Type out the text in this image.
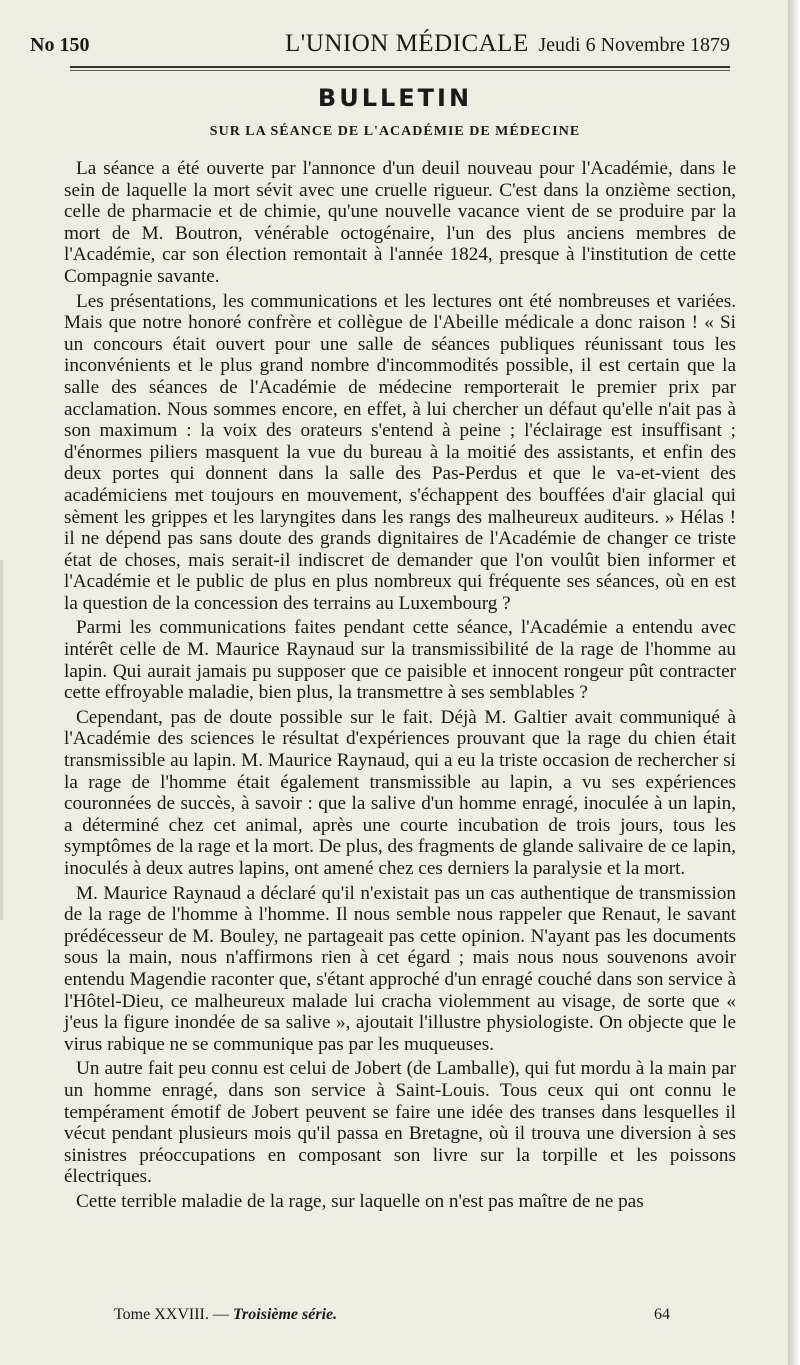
No 150	L'UNION MÉDICALE Jeudi 6 Novembre 1879
BULLETIN
SUR LA SÉANCE DE L'ACADÉMIE DE MÉDECINE

La séance a été ouverte par l'annonce d'un deuil nouveau pour l'Académie, dans le sein de laquelle la mort sévit avec une cruelle rigueur. C'est dans la onzième section, celle de pharmacie et de chimie, qu'une nouvelle vacance vient de se produire par la mort de M. Boutron, vénérable octogénaire, l'un des plus anciens membres de l'Académie, car son élection remontait à l'année 1824, presque à l'institution de cette Compagnie savante.

Les présentations, les communications et les lectures ont été nombreuses et variées. Mais que notre honoré confrère et collègue de l'Abeille médicale a donc raison ! « Si un concours était ouvert pour une salle de séances publiques réunissant tous les inconvénients et le plus grand nombre d'incommodités possible, il est certain que la salle des séances de l'Académie de médecine remporterait le premier prix par acclamation. Nous sommes encore, en effet, à lui chercher un défaut qu'elle n'ait pas à son maximum : la voix des orateurs s'entend à peine ; l'éclairage est insuffisant ; d'énormes piliers masquent la vue du bureau à la moitié des assistants, et enfin des deux portes qui donnent dans la salle des Pas-Perdus et que le va-et-vient des académiciens met toujours en mouvement, s'échappent des bouffées d'air glacial qui sèment les grippes et les laryngites dans les rangs des malheureux auditeurs. » Hélas ! il ne dépend pas sans doute des grands dignitaires de l'Académie de changer ce triste état de choses, mais serait-il indiscret de demander que l'on voulût bien informer et l'Académie et le public de plus en plus nombreux qui fréquente ses séances, où en est la question de la concession des terrains au Luxembourg ?

Parmi les communications faites pendant cette séance, l'Académie a entendu avec intérêt celle de M. Maurice Raynaud sur la transmissibilité de la rage de l'homme au lapin. Qui aurait jamais pu supposer que ce paisible et innocent rongeur pût contracter cette effroyable maladie, bien plus, la transmettre à ses semblables ?

Cependant, pas de doute possible sur le fait. Déjà M. Galtier avait communiqué à l'Académie des sciences le résultat d'expériences prouvant que la rage du chien était transmissible au lapin. M. Maurice Raynaud, qui a eu la triste occasion de rechercher si la rage de l'homme était également transmissible au lapin, a vu ses expériences couronnées de succès, à savoir : que la salive d'un homme enragé, inoculée à un lapin, a déterminé chez cet animal, après une courte incubation de trois jours, tous les symptômes de la rage et la mort. De plus, des fragments de glande salivaire de ce lapin, inoculés à deux autres lapins, ont amené chez ces derniers la paralysie et la mort.

M. Maurice Raynaud a déclaré qu'il n'existait pas un cas authentique de transmission de la rage de l'homme à l'homme. Il nous semble nous rappeler que Renaut, le savant prédécesseur de M. Bouley, ne partageait pas cette opinion. N'ayant pas les documents sous la main, nous n'affirmons rien à cet égard ; mais nous nous souvenons avoir entendu Magendie raconter que, s'étant approché d'un enragé couché dans son service à l'Hôtel-Dieu, ce malheureux malade lui cracha violemment au visage, de sorte que « j'eus la figure inondée de sa salive », ajoutait l'illustre physiologiste. On objecte que le virus rabique ne se communique pas par les muqueuses.

Un autre fait peu connu est celui de Jobert (de Lamballe), qui fut mordu à la main par un homme enragé, dans son service à Saint-Louis. Tous ceux qui ont connu le tempérament émotif de Jobert peuvent se faire une idée des transes dans lesquelles il vécut pendant plusieurs mois qu'il passa en Bretagne, où il trouva une diversion à ses sinistres préoccupations en composant son livre sur la torpille et les poissons électriques.

Cette terrible maladie de la rage, sur laquelle on n'est pas maître de ne pas

Tome XXVIII. — Troisième série.	64
